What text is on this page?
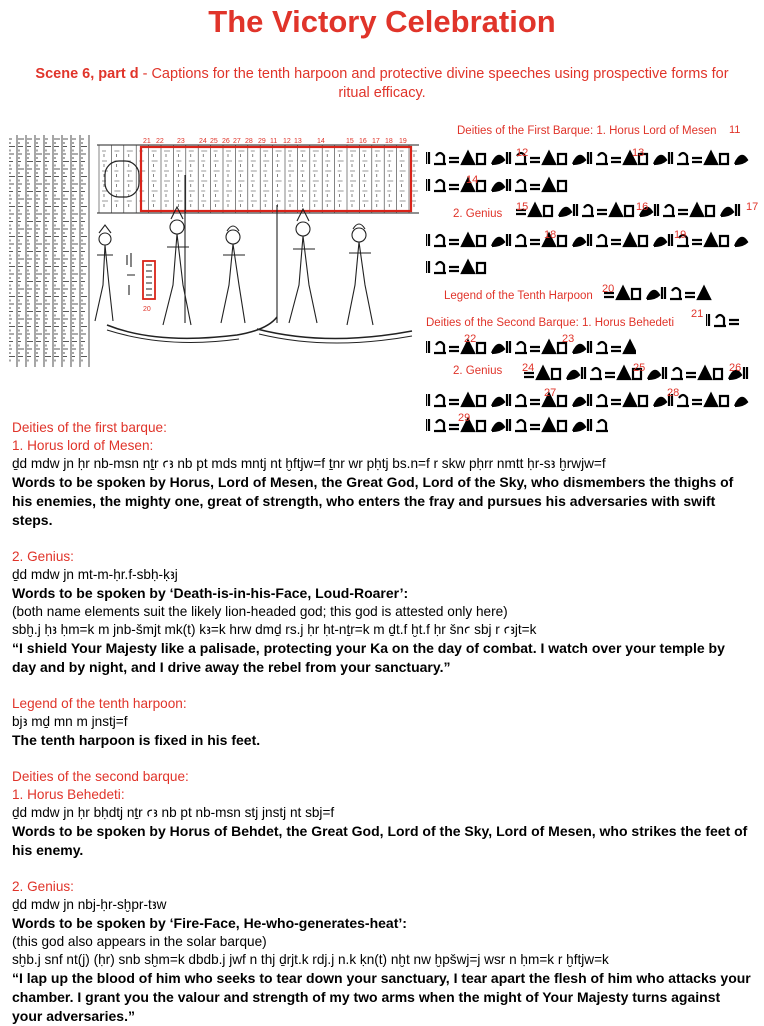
The Victory Celebration
Scene 6, part d - Captions for the tenth harpoon and protective divine speeches using prospective forms for ritual efficacy.
21 22 23 24 25 26 27 28 29 11 12 13 14	15 16 17 18 19
20
Deities of the First Barque: 1. Horus Lord of Mesen
2. Genius
Legend of the Tenth Harpoon
Deities of the Second Barque: 1. Horus Behedeti
2. Genius
11
12	13
14
15	16	17
18	19
20
21
22	23
24	25	26
27	28
29
Deities of the first barque:
1. Horus lord of Mesen:
ḏd mdw jn ḥr nb-msn nṯr ꜥꜣ nb pt mds mntj nt ḫftjw=f ṯnr wr pḥtj bs.n=f r skw pḥrr nmtt ḥr-sꜣ ḫrwjw=f
Words to be spoken by Horus, Lord of Mesen, the Great God, Lord of the Sky, who dismembers the thighs of his enemies, the mighty one, great of strength, who enters the fray and pursues his adversaries with swift steps.
2. Genius:
ḏd mdw jn mt-m-ḥr.f-sbḥ-ḳꜣj
Words to be spoken by ‘Death-is-in-his-Face, Loud-Roarer’:
(both name elements suit the likely lion-headed god; this god is attested only here)
sbḫ.j ḥꜣ ḥm=k m jnb-šmjt mk(t) kꜣ=k hrw dmḏ rs.j ḥr ḥt-nṯr=k m ḏt.f ḫt.f ḥr šnꜥ sbj r ꜥꜣjt=k
“I shield Your Majesty like a palisade, protecting your Ka on the day of combat. I watch over your temple by day and by night, and I drive away the rebel from your sanctuary.”
Legend of the tenth harpoon:
bjꜣ mḏ mn m jnstj=f
The tenth harpoon is fixed in his feet.
Deities of the second barque:
1. Horus Behedeti:
ḏd mdw jn ḥr bḥdtj nṯr ꜥꜣ nb pt nb-msn stj jnstj nt sbj=f
Words to be spoken by Horus of Behdet, the Great God, Lord of the Sky, Lord of Mesen, who strikes the feet of his enemy.
2. Genius:
ḏd mdw jn nbj-ḥr-sḫpr-tꜣw
Words to be spoken by ‘Fire-Face, He-who-generates-heat’:
(this god also appears in the solar barque)
sḫb.j snf nt(j) (ḥr) snb sḫm=k dbdb.j jwf n thj ḏrjt.k rdj.j n.k ḳn(t) nḫt nw ḫpšwj=j wsr n ḥm=k r ḫftjw=k
“I lap up the blood of him who seeks to tear down your sanctuary, I tear apart the flesh of him who attacks your chamber. I grant you the valour and strength of my two arms when the might of Your Majesty turns against your adversaries.”
